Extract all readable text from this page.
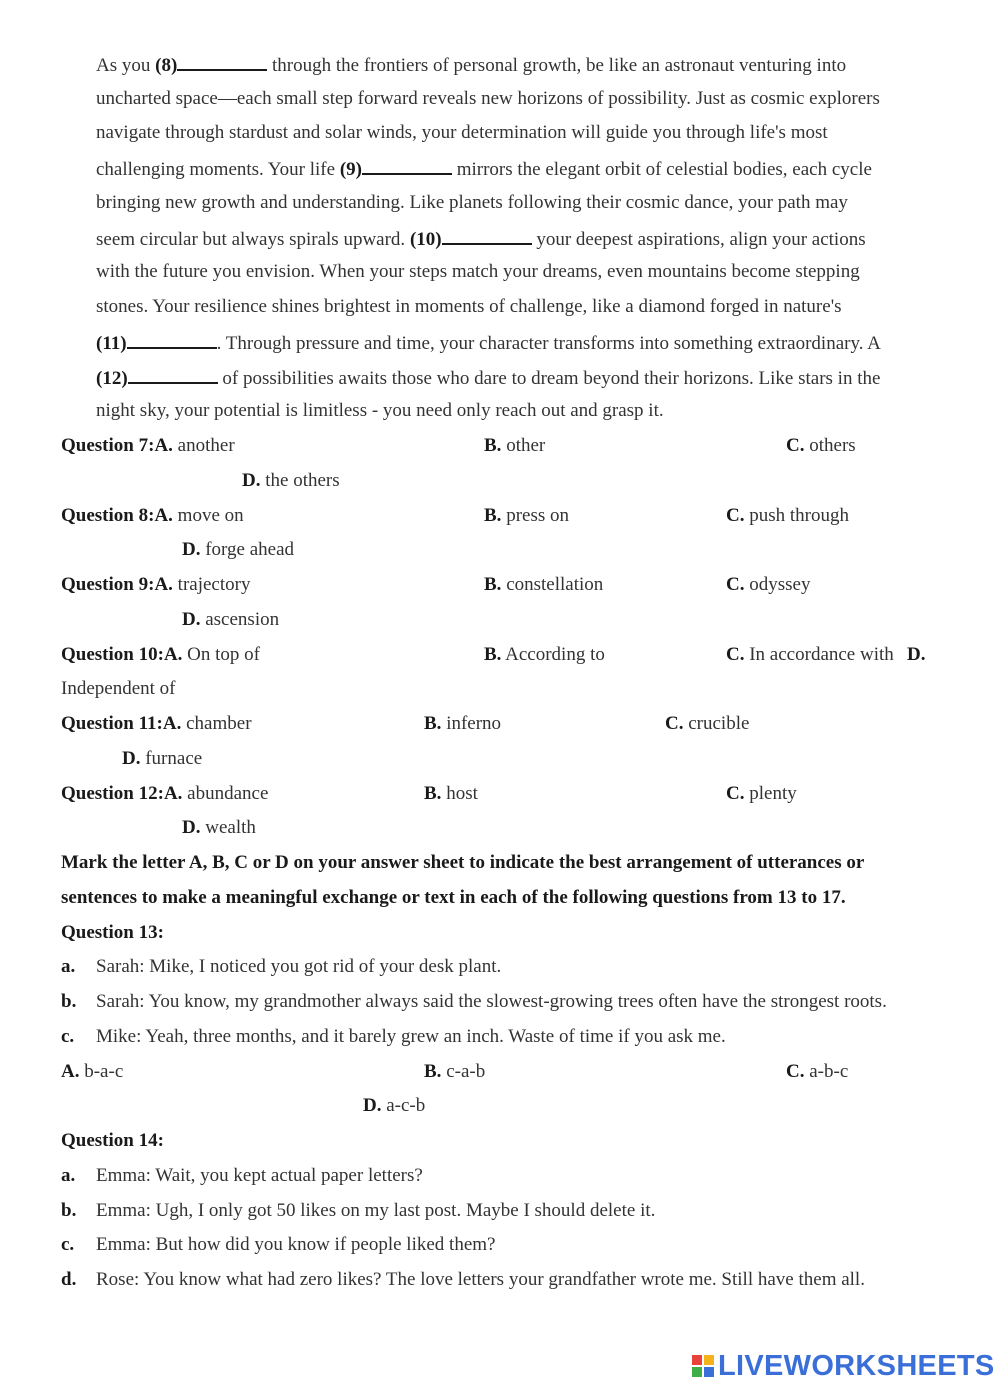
As you (8)	through the frontiers of personal growth, be like an astronaut venturing into
uncharted space—each small step forward reveals new horizons of possibility. Just as cosmic explorers
navigate through stardust and solar winds, your determination will guide you through life's most
challenging moments. Your life (9)	mirrors the elegant orbit of celestial bodies, each cycle
bringing new growth and understanding. Like planets following their cosmic dance, your path may
seem circular but always spirals upward. (10)	your deepest aspirations, align your actions
with the future you envision. When your steps match your dreams, even mountains become stepping
stones. Your resilience shines brightest in moments of challenge, like a diamond forged in nature's
(11)	. Through pressure and time, your character transforms into something extraordinary. A
(12)	of possibilities awaits those who dare to dream beyond their horizons. Like stars in the
night sky, your potential is limitless - you need only reach out and grasp it.
Question 7:A. another	B. other	C. others
D. the others
Question 8:A. move on	B. press on	C. push through
D. forge ahead
Question 9:A. trajectory	B. constellation	C. odyssey
D. ascension
Question 10:A. On top of	B. According to	C. In accordance with D.
Independent of
Question 11:A. chamber	B. inferno	C. crucible
D. furnace
Question 12:A. abundance	B. host	C. plenty
D. wealth
Mark the letter A, B, C or D on your answer sheet to indicate the best arrangement of utterances or
sentences to make a meaningful exchange or text in each of the following questions from 13 to 17.
Question 13:
a. Sarah: Mike, I noticed you got rid of your desk plant.
b. Sarah: You know, my grandmother always said the slowest-growing trees often have the strongest roots.
c. Mike: Yeah, three months, and it barely grew an inch. Waste of time if you ask me.
A. b-a-c	B. c-a-b	C. a-b-c
D. a-c-b
Question 14:
a. Emma: Wait, you kept actual paper letters?
b. Emma: Ugh, I only got 50 likes on my last post. Maybe I should delete it.
c. Emma: But how did you know if people liked them?
d. Rose: You know what had zero likes? The love letters your grandfather wrote me. Still have them all.
LIVEWORKSHEETS
